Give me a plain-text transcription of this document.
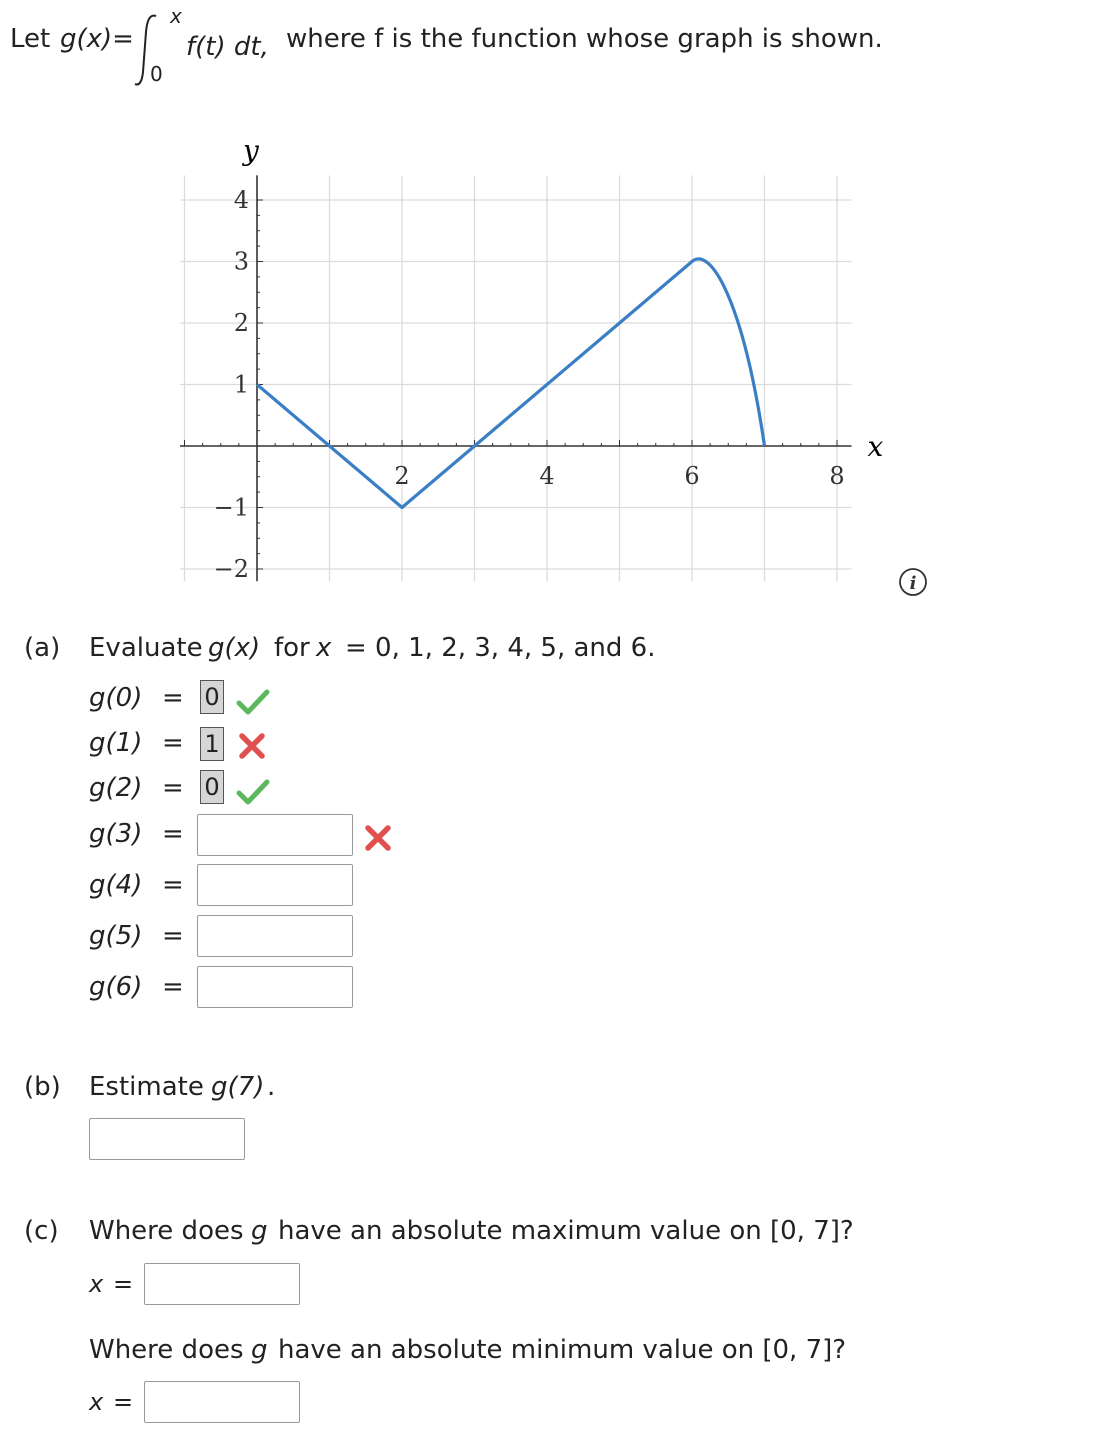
Let g(x)=
x
0
f(t) dt, where f is the function whose graph is shown.
2	4	6	8
4
3
2
1
−1
−2
y
x
i
(a) Evaluate g(x) for x = 0, 1, 2, 3, 4, 5, and 6.
g(0) = 0
g(1) = 1
g(2) = 0
g(3) =
g(4) =
g(5) =
g(6) =
(b) Estimate g(7) .
(c) Where does g have an absolute maximum value on [0, 7]?
x =
Where does g have an absolute minimum value on [0, 7]?
x =
